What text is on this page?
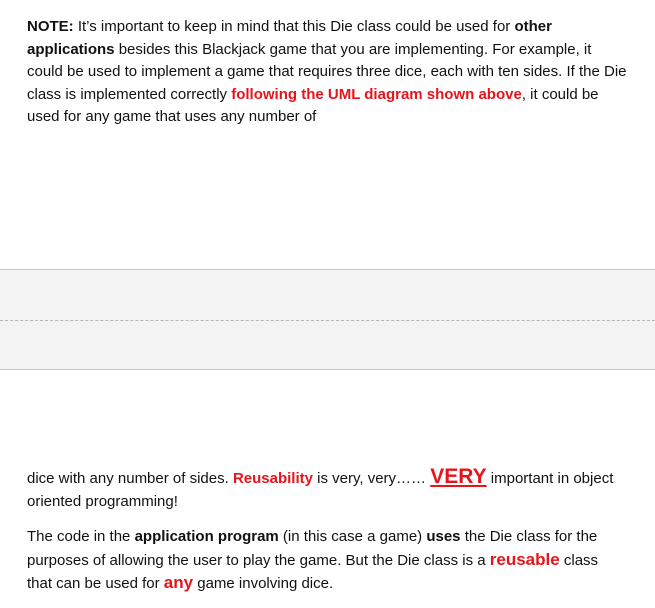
NOTE: It’s important to keep in mind that this Die class could be used for other applications besides this Blackjack game that you are implementing. For example, it could be used to implement a game that requires three dice, each with ten sides. If the Die class is implemented correctly following the UML diagram shown above, it could be used for any game that uses any number of

dice with any number of sides. Reusability is very, very…… VERY important in object oriented programming!

The code in the application program (in this case a game) uses the Die class for the purposes of allowing the user to play the game. But the Die class is a reusable class that can be used for any game involving dice.
